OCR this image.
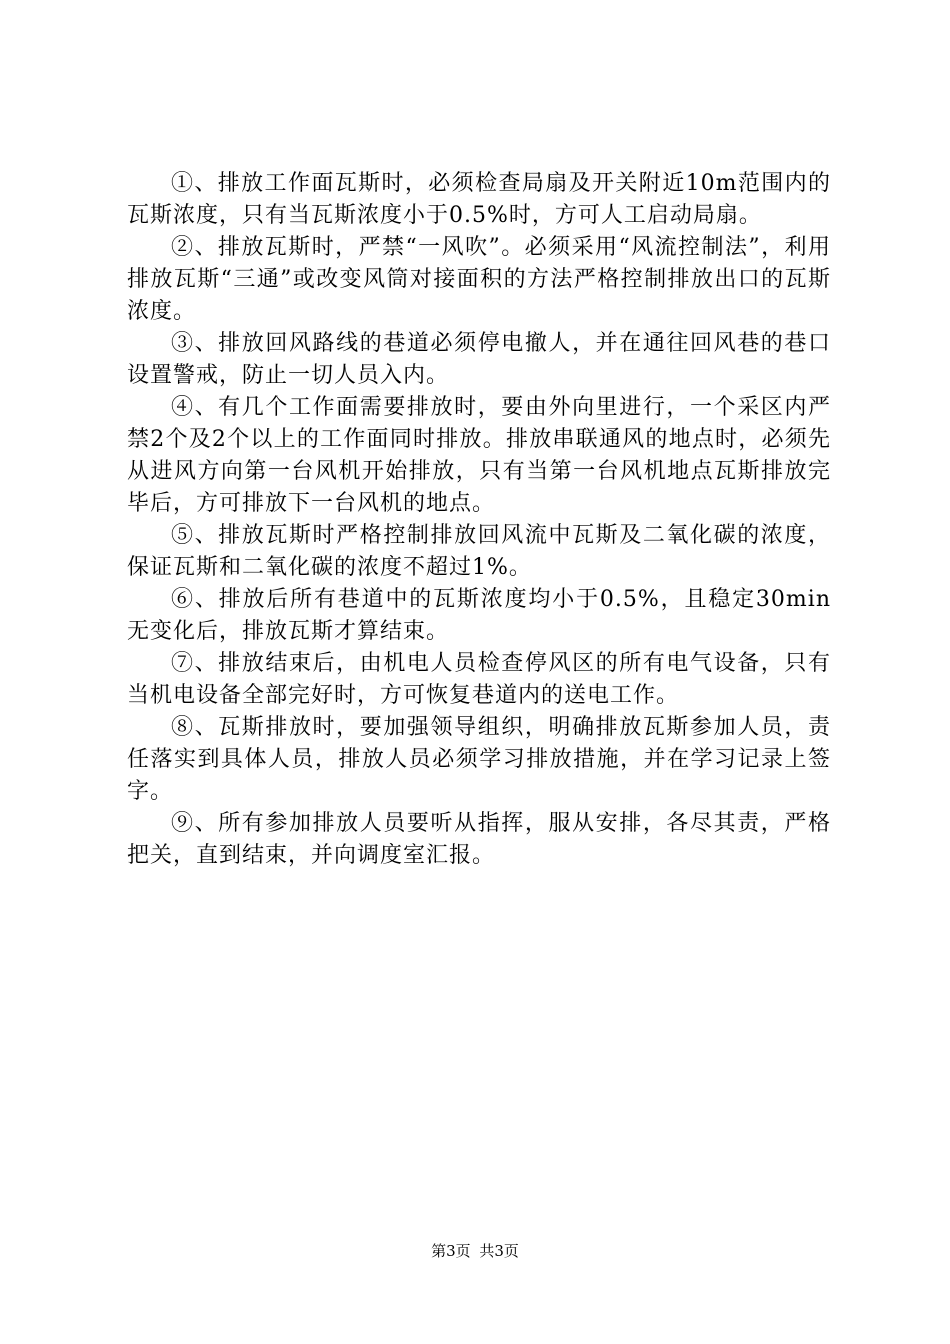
①、排放工作面瓦斯时，必须检查局扇及开关附近10m范围内的瓦斯浓度，只有当瓦斯浓度小于0.5%时，方可人工启动局扇。

②、排放瓦斯时，严禁“一风吹”。必须采用“风流控制法”，利用排放瓦斯“三通”或改变风筒对接面积的方法严格控制排放出口的瓦斯浓度。

③、排放回风路线的巷道必须停电撤人，并在通往回风巷的巷口设置警戒，防止一切人员入内。

④、有几个工作面需要排放时，要由外向里进行，一个采区内严禁2个及2个以上的工作面同时排放。排放串联通风的地点时，必须先从进风方向第一台风机开始排放，只有当第一台风机地点瓦斯排放完毕后，方可排放下一台风机的地点。

⑤、排放瓦斯时严格控制排放回风流中瓦斯及二氧化碳的浓度，保证瓦斯和二氧化碳的浓度不超过1%。

⑥、排放后所有巷道中的瓦斯浓度均小于0.5%，且稳定30min无变化后，排放瓦斯才算结束。

⑦、排放结束后，由机电人员检查停风区的所有电气设备，只有当机电设备全部完好时，方可恢复巷道内的送电工作。

⑧、瓦斯排放时，要加强领导组织，明确排放瓦斯参加人员，责任落实到具体人员，排放人员必须学习排放措施，并在学习记录上签字。

⑨、所有参加排放人员要听从指挥，服从安排，各尽其责，严格把关，直到结束，并向调度室汇报。

第3页 共3页
